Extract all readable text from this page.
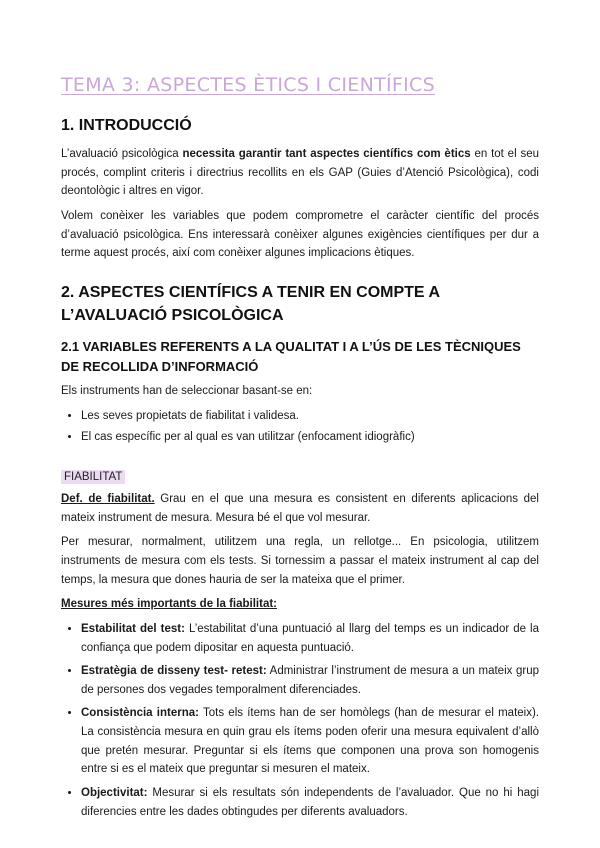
TEMA 3: ASPECTES ÈTICS I CIENTÍFICS
1. INTRODUCCIÓ

L’avaluació psicològica necessita garantir tant aspectes científics com ètics en tot el seu procés, complint criteris i directrius recollits en els GAP (Guies d’Atenció Psicològica), codi deontològic i altres en vigor.

Volem conèixer les variables que podem comprometre el caràcter científic del procés d’avaluació psicològica. Ens interessarà conèixer algunes exigències científiques per dur a terme aquest procés, així com conèixer algunes implicacions ètiques.

2. ASPECTES CIENTÍFICS A TENIR EN COMPTE A L’AVALUACIÓ PSICOLÒGICA
2.1 VARIABLES REFERENTS A LA QUALITAT I A L’ÚS DE LES TÈCNIQUES DE RECOLLIDA D’INFORMACIÓ

Els instruments han de seleccionar basant-se en:

• Les seves propietats de fiabilitat i validesa.
• El cas específic per al qual es van utilitzar (enfocament idiogràfic)
FIABILITAT

Def. de fiabilitat. Grau en el que una mesura es consistent en diferents aplicacions del mateix instrument de mesura. Mesura bé el que vol mesurar.

Per mesurar, normalment, utilitzem una regla, un rellotge... En psicologia, utilitzem instruments de mesura com els tests. Si tornessim a passar el mateix instrument al cap del temps, la mesura que dones hauria de ser la mateixa que el primer.

Mesures més importants de la fiabilitat:

• Estabilitat del test: L’estabilitat d’una puntuació al llarg del temps es un indicador de la confiança que podem dipositar en aquesta puntuació.
• Estratègia de disseny test- retest: Administrar l’instrument de mesura a un mateix grup de persones dos vegades temporalment diferenciades.
• Consistència interna: Tots els ítems han de ser homòlegs (han de mesurar el mateix). La consistència mesura en quin grau els ítems poden oferir una mesura equivalent d’allò que pretén mesurar. Preguntar si els ítems que componen una prova son homogenis entre si es el mateix que preguntar si mesuren el mateix.
• Objectivitat: Mesurar si els resultats són independents de l’avaluador. Que no hi hagi diferencies entre les dades obtingudes per diferents avaluadors.
